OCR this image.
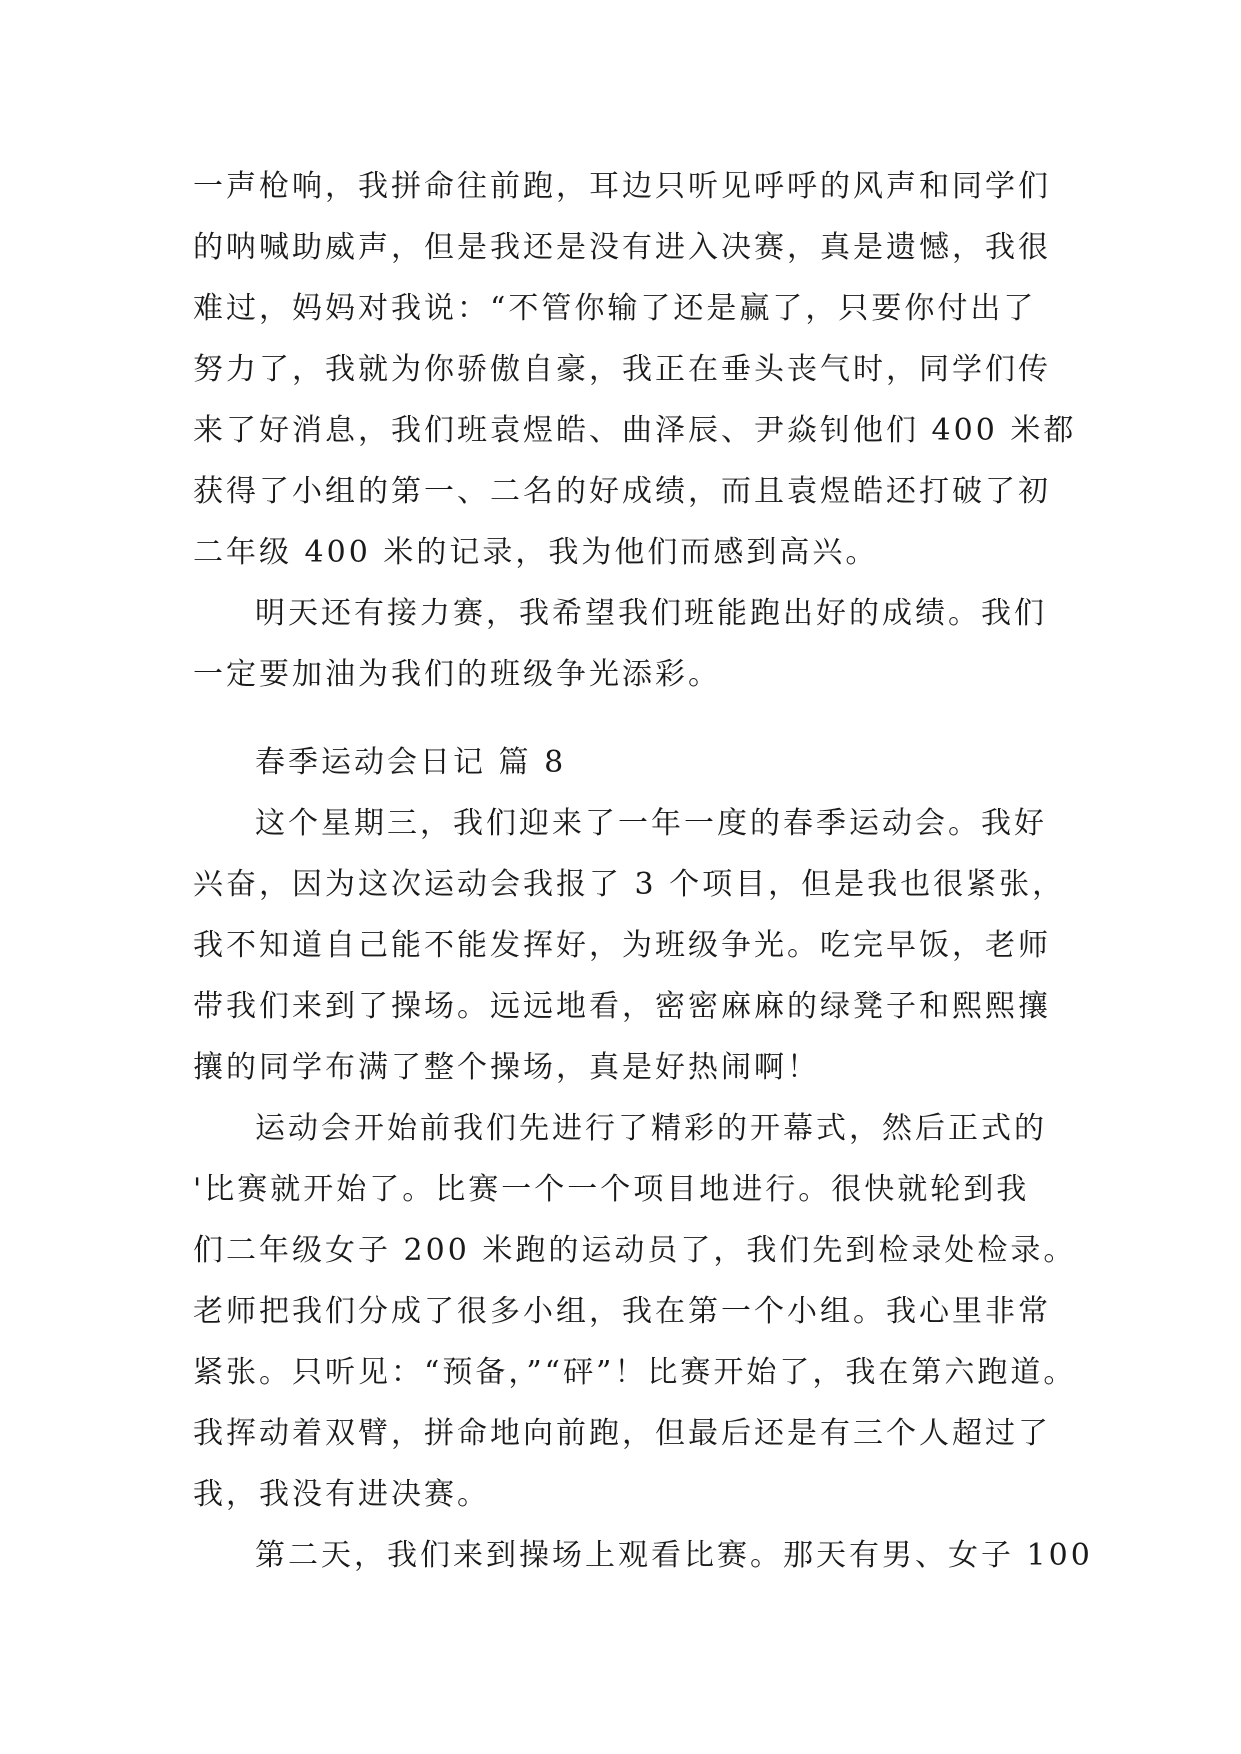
一声枪响，我拼命往前跑，耳边只听见呼呼的风声和同学们
的呐喊助威声，但是我还是没有进入决赛，真是遗憾，我很
难过，妈妈对我说：“不管你输了还是赢了，只要你付出了
努力了，我就为你骄傲自豪，我正在垂头丧气时，同学们传
来了好消息，我们班袁煜皓、曲泽辰、尹焱钊他们 400 米都
获得了小组的第一、二名的好成绩，而且袁煜皓还打破了初
二年级 400 米的记录，我为他们而感到高兴。
明天还有接力赛，我希望我们班能跑出好的成绩。我们
一定要加油为我们的班级争光添彩。
春季运动会日记 篇 8
这个星期三，我们迎来了一年一度的春季运动会。我好
兴奋，因为这次运动会我报了 3 个项目，但是我也很紧张，
我不知道自己能不能发挥好，为班级争光。吃完早饭，老师
带我们来到了操场。远远地看，密密麻麻的绿凳子和熙熙攘
攘的同学布满了整个操场，真是好热闹啊！
运动会开始前我们先进行了精彩的开幕式，然后正式的
'比赛就开始了。比赛一个一个项目地进行。很快就轮到我
们二年级女子 200 米跑的运动员了，我们先到检录处检录。
老师把我们分成了很多小组，我在第一个小组。我心里非常
紧张。只听见：“预备，”“砰”！比赛开始了，我在第六跑道。
我挥动着双臂，拼命地向前跑，但最后还是有三个人超过了
我，我没有进决赛。
第二天，我们来到操场上观看比赛。那天有男、女子 100
